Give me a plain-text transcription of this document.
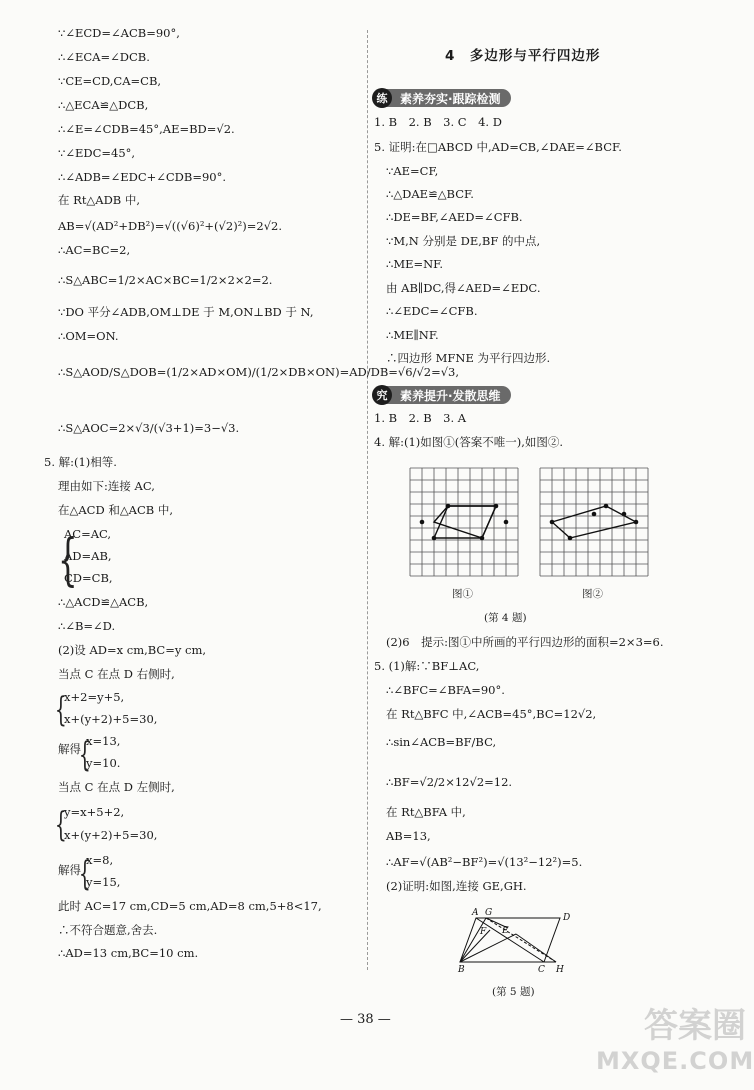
∵∠ECD=∠ACB=90°,
∴∠ECA=∠DCB.
∵CE=CD,CA=CB,
∴△ECA≌△DCB,
∴∠E=∠CDB=45°,AE=BD=√2.
∵∠EDC=45°,
∴∠ADB=∠EDC+∠CDB=90°.
在 Rt△ADB 中,
AB=√(AD²+DB²)=√((√6)²+(√2)²)=2√2.
∴AC=BC=2,
∴S△ABC=1/2×AC×BC=1/2×2×2=2.
∵DO 平分∠ADB,OM⊥DE 于 M,ON⊥BD 于 N,
∴OM=ON.
∴S△AOD/S△DOB=(1/2×AD×OM)/(1/2×DB×ON)=AD/DB=√6/√2=√3,
∴S△AOC=2×√3/(√3+1)=3−√3.
5. 解:(1)相等.
理由如下:连接 AC,
在△ACD 和△ACB 中,
AC=AC,
AD=AB,
CD=CB,
∴△ACD≌△ACB,
∴∠B=∠D.
(2)设 AD=x cm,BC=y cm,
当点 C 在点 D 右侧时,
x+2=y+5,
x+(y+2)+5=30,
解得
x=13,
y=10.
当点 C 在点 D 左侧时,
y=x+5+2,
x+(y+2)+5=30,
解得
x=8,
y=15,
此时 AC=17 cm,CD=5 cm,AD=8 cm,5+8<17,
∴不符合题意,舍去.
∴AD=13 cm,BC=10 cm.
{
{
{
{
{
4　多边形与平行四边形
练	素养夯实·跟踪检测
究	素养提升·发散思维
1. B　2. B　3. C　4. D
5. 证明:在□ABCD 中,AD=CB,∠DAE=∠BCF.
∵AE=CF,
∴△DAE≌△BCF.
∴DE=BF,∠AED=∠CFB.
∵M,N 分别是 DE,BF 的中点,
∴ME=NF.
由 AB∥DC,得∠AED=∠EDC.
∴∠EDC=∠CFB.
∴ME∥NF.
∴四边形 MFNE 为平行四边形.
1. B　2. B　3. A
4. 解:(1)如图①(答案不唯一),如图②.
(2)6　提示:图①中所画的平行四边形的面积=2×3=6.
5. (1)解:∵BF⊥AC,
∴∠BFC=∠BFA=90°.
在 Rt△BFC 中,∠ACB=45°,BC=12√2,
∴sin∠ACB=BF/BC,
∴BF=√2/2×12√2=12.
在 Rt△BFA 中,
AB=13,
∴AF=√(AB²−BF²)=√(13²−12²)=5.
(2)证明:如图,连接 GE,GH.
图①	图②
(第 4 题)
A G	D
F E
B	C H
(第 5 题)
— 38 —	答案圈
MXQE.COM
